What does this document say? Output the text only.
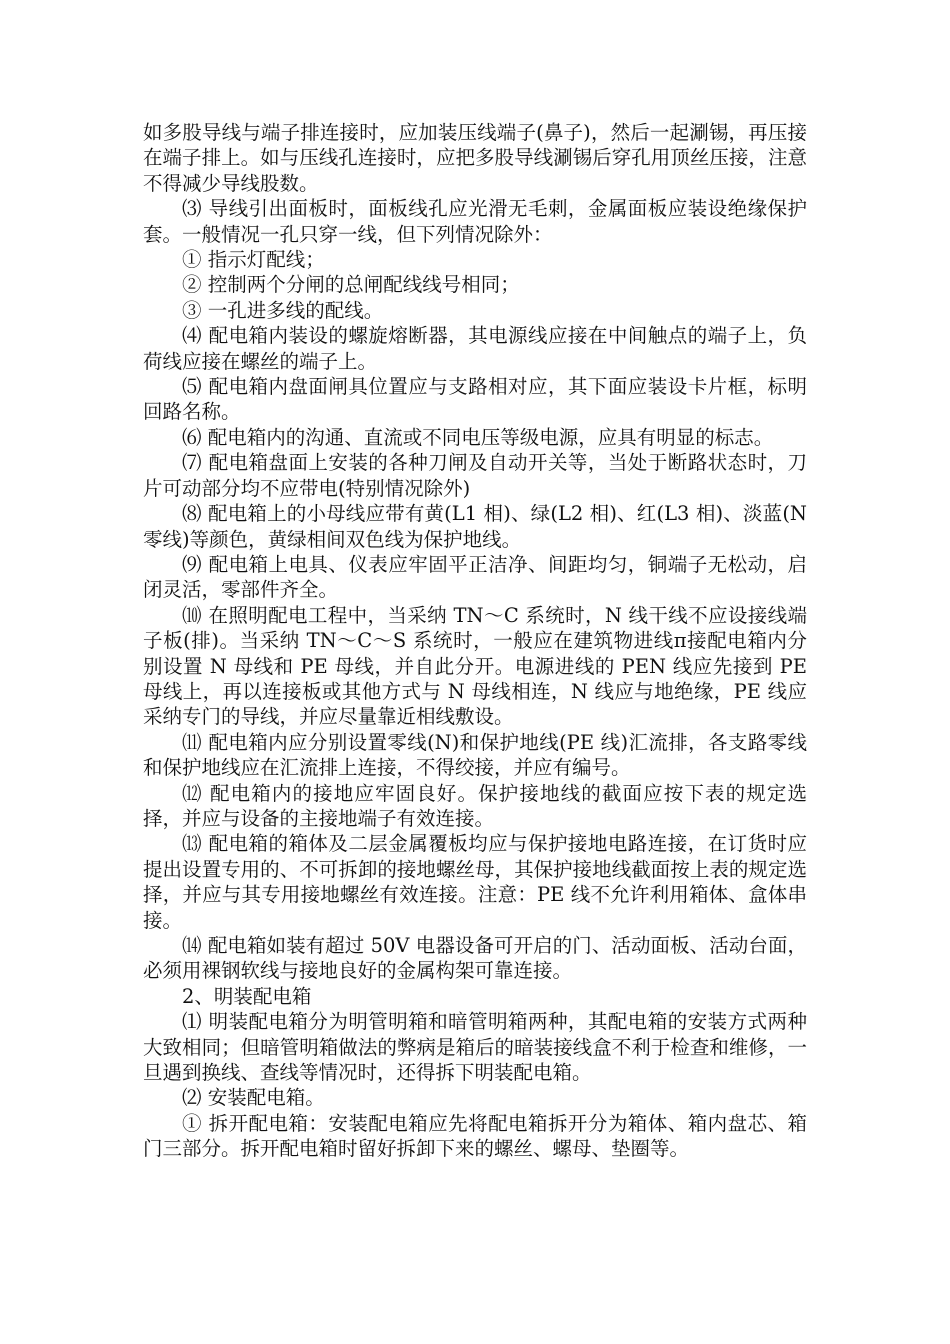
如多股导线与端子排连接时，应加装压线端子(鼻子)，然后一起涮锡，再压接在端子排上。如与压线孔连接时，应把多股导线涮锡后穿孔用顶丝压接，注意不得减少导线股数。

⑶ 导线引出面板时，面板线孔应光滑无毛刺，金属面板应装设绝缘保护套。一般情况一孔只穿一线，但下列情况除外：

① 指示灯配线；

② 控制两个分闸的总闸配线线号相同；

③ 一孔进多线的配线。

⑷ 配电箱内装设的螺旋熔断器，其电源线应接在中间触点的端子上，负荷线应接在螺丝的端子上。

⑸ 配电箱内盘面闸具位置应与支路相对应，其下面应装设卡片框，标明回路名称。

⑹ 配电箱内的沟通、直流或不同电压等级电源，应具有明显的标志。

⑺ 配电箱盘面上安装的各种刀闸及自动开关等，当处于断路状态时，刀片可动部分均不应带电(特别情况除外)

⑻ 配电箱上的小母线应带有黄(L1 相)、绿(L2 相)、红(L3 相)、淡蓝(N 零线)等颜色，黄绿相间双色线为保护地线。

⑼ 配电箱上电具、仪表应牢固平正洁净、间距均匀，铜端子无松动，启闭灵活，零部件齐全。

⑽ 在照明配电工程中，当采纳 TN～C 系统时，N 线干线不应设接线端子板(排)。当采纳 TN～C～S 系统时，一般应在建筑物进线π接配电箱内分别设置 N 母线和 PE 母线，并自此分开。电源进线的 PEN 线应先接到 PE 母线上，再以连接板或其他方式与 N 母线相连，N 线应与地绝缘，PE 线应采纳专门的导线，并应尽量靠近相线敷设。

⑾ 配电箱内应分别设置零线(N)和保护地线(PE 线)汇流排，各支路零线和保护地线应在汇流排上连接，不得绞接，并应有编号。

⑿ 配电箱内的接地应牢固良好。保护接地线的截面应按下表的规定选择，并应与设备的主接地端子有效连接。

⒀ 配电箱的箱体及二层金属覆板均应与保护接地电路连接，在订货时应提出设置专用的、不可拆卸的接地螺丝母，其保护接地线截面按上表的规定选择，并应与其专用接地螺丝有效连接。注意：PE 线不允许利用箱体、盒体串接。

⒁ 配电箱如装有超过 50V 电器设备可开启的门、活动面板、活动台面，必须用裸钢软线与接地良好的金属构架可靠连接。

2、明装配电箱

⑴ 明装配电箱分为明管明箱和暗管明箱两种，其配电箱的安装方式两种大致相同；但暗管明箱做法的弊病是箱后的暗装接线盒不利于检查和维修，一旦遇到换线、查线等情况时，还得拆下明装配电箱。

⑵ 安装配电箱。

① 拆开配电箱：安装配电箱应先将配电箱拆开分为箱体、箱内盘芯、箱门三部分。拆开配电箱时留好拆卸下来的螺丝、螺母、垫圈等。
